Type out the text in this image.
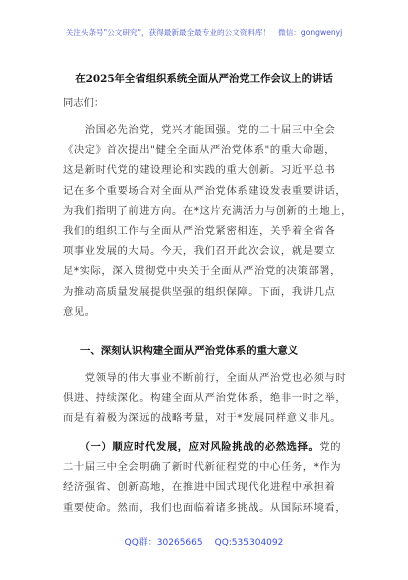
关注头条号"公文研究"，获得最新最全最专业的公文资料库！ 微信：gongwenyj
在2025年全省组织系统全面从严治党工作会议上的讲话
同志们：
　　治国必先治党，党兴才能国强。党的二十届三中全会
《决定》首次提出"健全全面从严治党体系"的重大命题，
这是新时代党的建设理论和实践的重大创新。习近平总书
记在多个重要场合对全面从严治党体系建设发表重要讲话，
为我们指明了前进方向。在*这片充满活力与创新的土地上，
我们的组织工作与全面从严治党紧密相连，关乎着全省各
项事业发展的大局。今天，我们召开此次会议，就是要立
足*实际，深入贯彻党中央关于全面从严治党的决策部署，
为推动高质量发展提供坚强的组织保障。下面，我讲几点
意见。
一、深刻认识构建全面从严治党体系的重大意义
　　党领导的伟大事业不断前行，全面从严治党也必须与时
俱进、持续深化。构建全面从严治党体系，绝非一时之举，
而是有着极为深远的战略考量，对于*发展同样意义非凡。
　　（一）顺应时代发展，应对风险挑战的必然选择。党的
二十届三中全会明确了新时代新征程党的中心任务，*作为
经济强省、创新高地，在推进中国式现代化进程中承担着
重要使命。然而，我们也面临着诸多挑战。从国际环境看，
QQ群：30265665 QQ:535304092
